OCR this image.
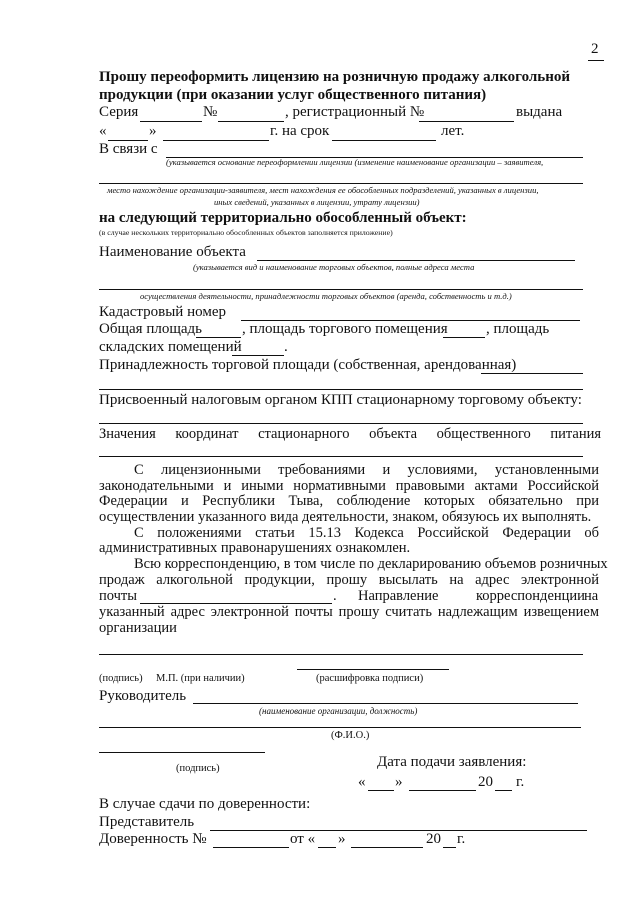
2
Прошу переоформить лицензию на розничную продажу алкогольной
продукции (при оказании услуг общественного питания)
Серия	№	, регистрационный №	выдана
«	»	г. на срок	лет.
В связи с
(указывается основание переоформлении лицензии (изменение наименование организации – заявителя,
место нахождение организации-заявителя, мест нахождения ее обособленных подразделений, указанных в лицензии,
иных сведений, указанных в лицензии, утрату лицензии)
на следующий территориально обособленный объект:
(в случае нескольких территориально обособленных объектов заполняется приложение)
Наименование объекта
(указывается вид и наименование торговых объектов, полные адреса места
осуществления деятельности, принадлежности торговых объектов (аренда, собственность и т.д.)
Кадастровый номер
Общая площадь	, площадь торгового помещения	, площадь
складских помещений	.
Принадлежность торговой площади (собственная, арендованная)
Присвоенный налоговым органом КПП стационарному торговому объекту:
Значения координат стационарного объекта общественного питания
С лицензионными требованиями и условиями, установленными
законодательными и иными нормативными правовыми актами Российской
Федерации и Республики Тыва, соблюдение которых обязательно при
осуществлении указанного вида деятельности, знаком, обязуюсь их выполнять.
С положениями статьи 15.13 Кодекса Российской Федерации об
административных правонарушениях ознакомлен.
Всю корреспонденцию, в том числе по декларированию объемов розничных
продаж алкогольной продукции, прошу высылать на адрес электронной
почты	. Направление	корреспонденции на
указанный адрес электронной почты прошу считать надлежащим извещением
организации
(подпись) М.П. (при наличии)	(расшифровка подписи)
Руководитель
(наименование организации, должность)
(Ф.И.О.)
(подпись)	Дата подачи заявления:
« »	20 г.
В случае сдачи по доверенности:
Представитель
Доверенность №	от « »	20 г.
